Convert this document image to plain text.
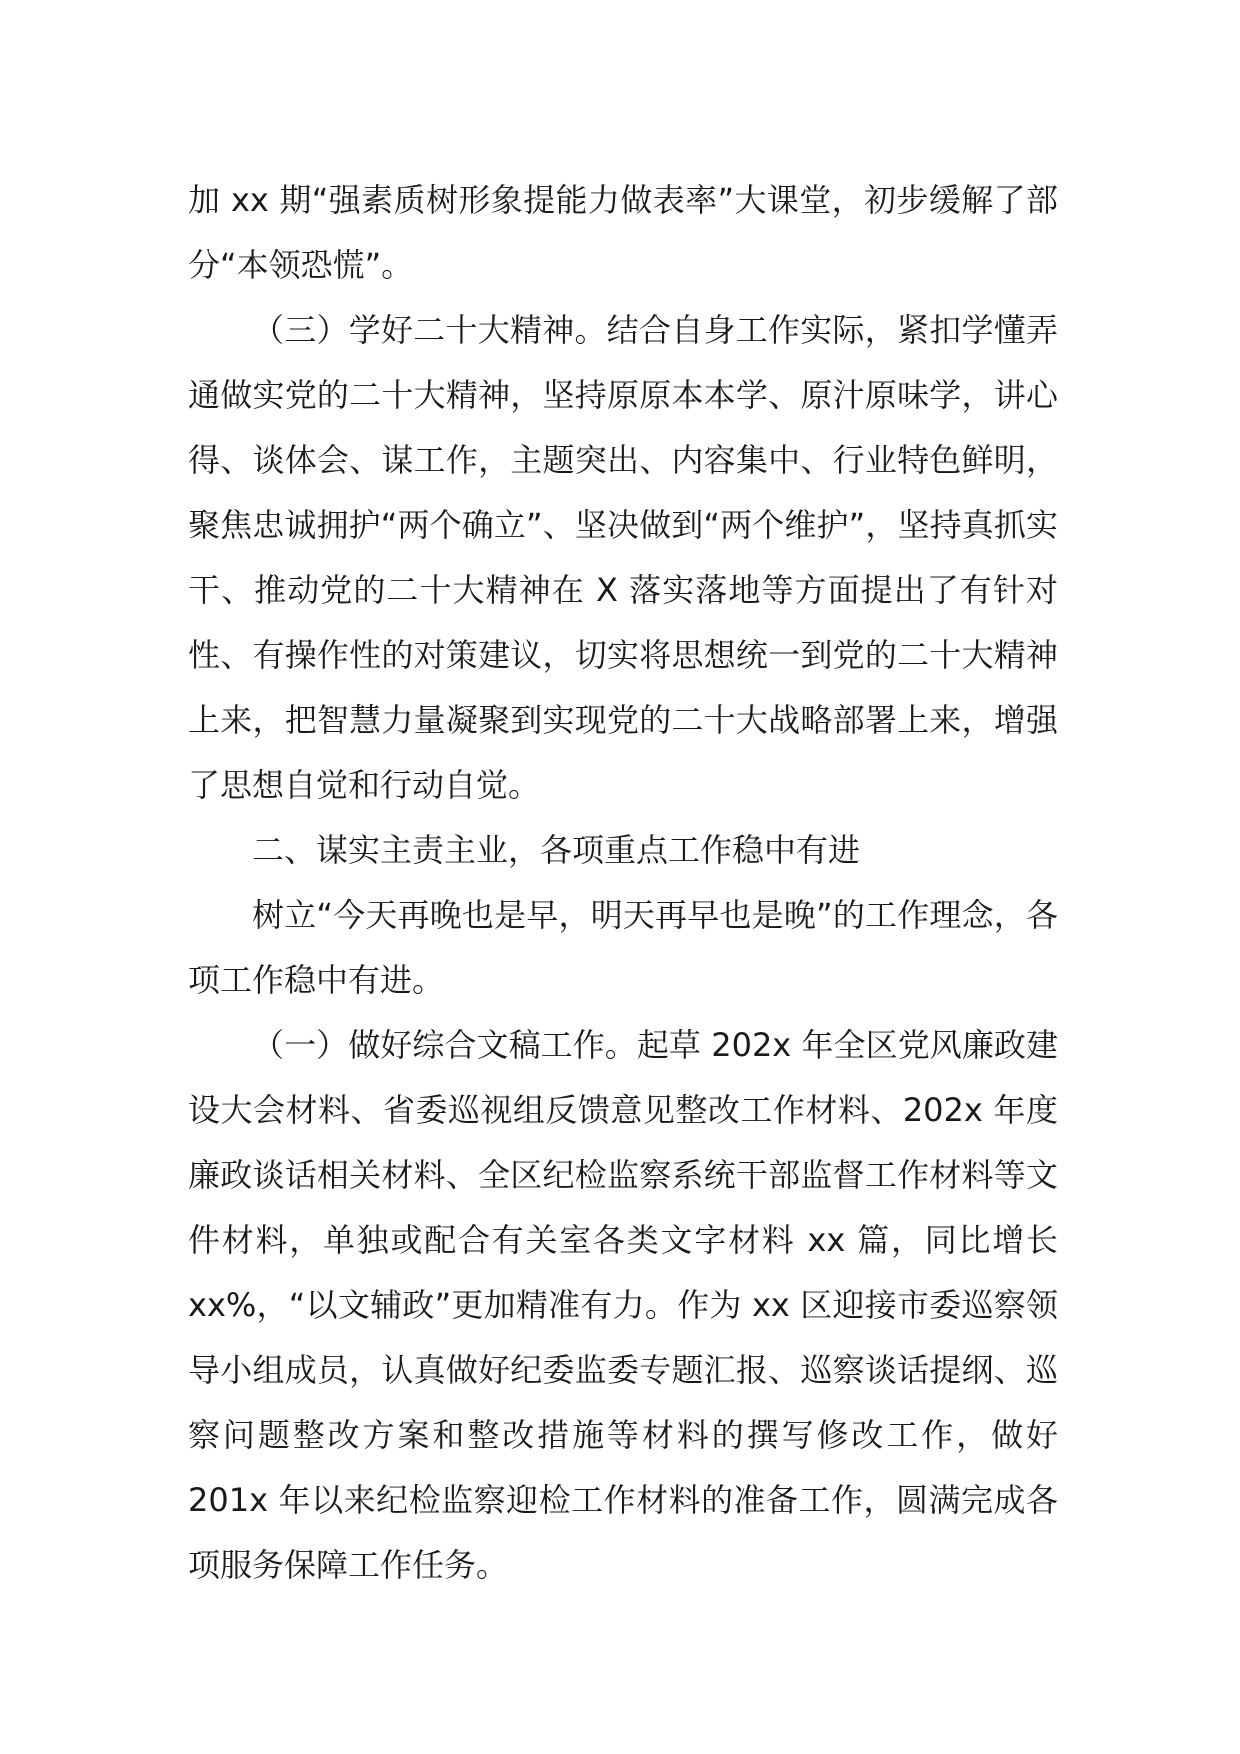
加 xx 期“强素质树形象提能力做表率”大课堂，初步缓解了部分“本领恐慌”。

（三）学好二十大精神。结合自身工作实际，紧扣学懂弄通做实党的二十大精神，坚持原原本本学、原汁原味学，讲心得、谈体会、谋工作，主题突出、内容集中、行业特色鲜明，聚焦忠诚拥护“两个确立”、坚决做到“两个维护”，坚持真抓实干、推动党的二十大精神在 X 落实落地等方面提出了有针对性、有操作性的对策建议，切实将思想统一到党的二十大精神上来，把智慧力量凝聚到实现党的二十大战略部署上来，增强了思想自觉和行动自觉。

二、谋实主责主业，各项重点工作稳中有进

树立“今天再晚也是早，明天再早也是晚”的工作理念，各项工作稳中有进。

（一）做好综合文稿工作。起草 202x 年全区党风廉政建设大会材料、省委巡视组反馈意见整改工作材料、202x 年度廉政谈话相关材料、全区纪检监察系统干部监督工作材料等文件材料，单独或配合有关室各类文字材料 xx 篇，同比增长 xx%，“以文辅政”更加精准有力。作为 xx 区迎接市委巡察领导小组成员，认真做好纪委监委专题汇报、巡察谈话提纲、巡察问题整改方案和整改措施等材料的撰写修改工作，做好 201x 年以来纪检监察迎检工作材料的准备工作，圆满完成各项服务保障工作任务。
